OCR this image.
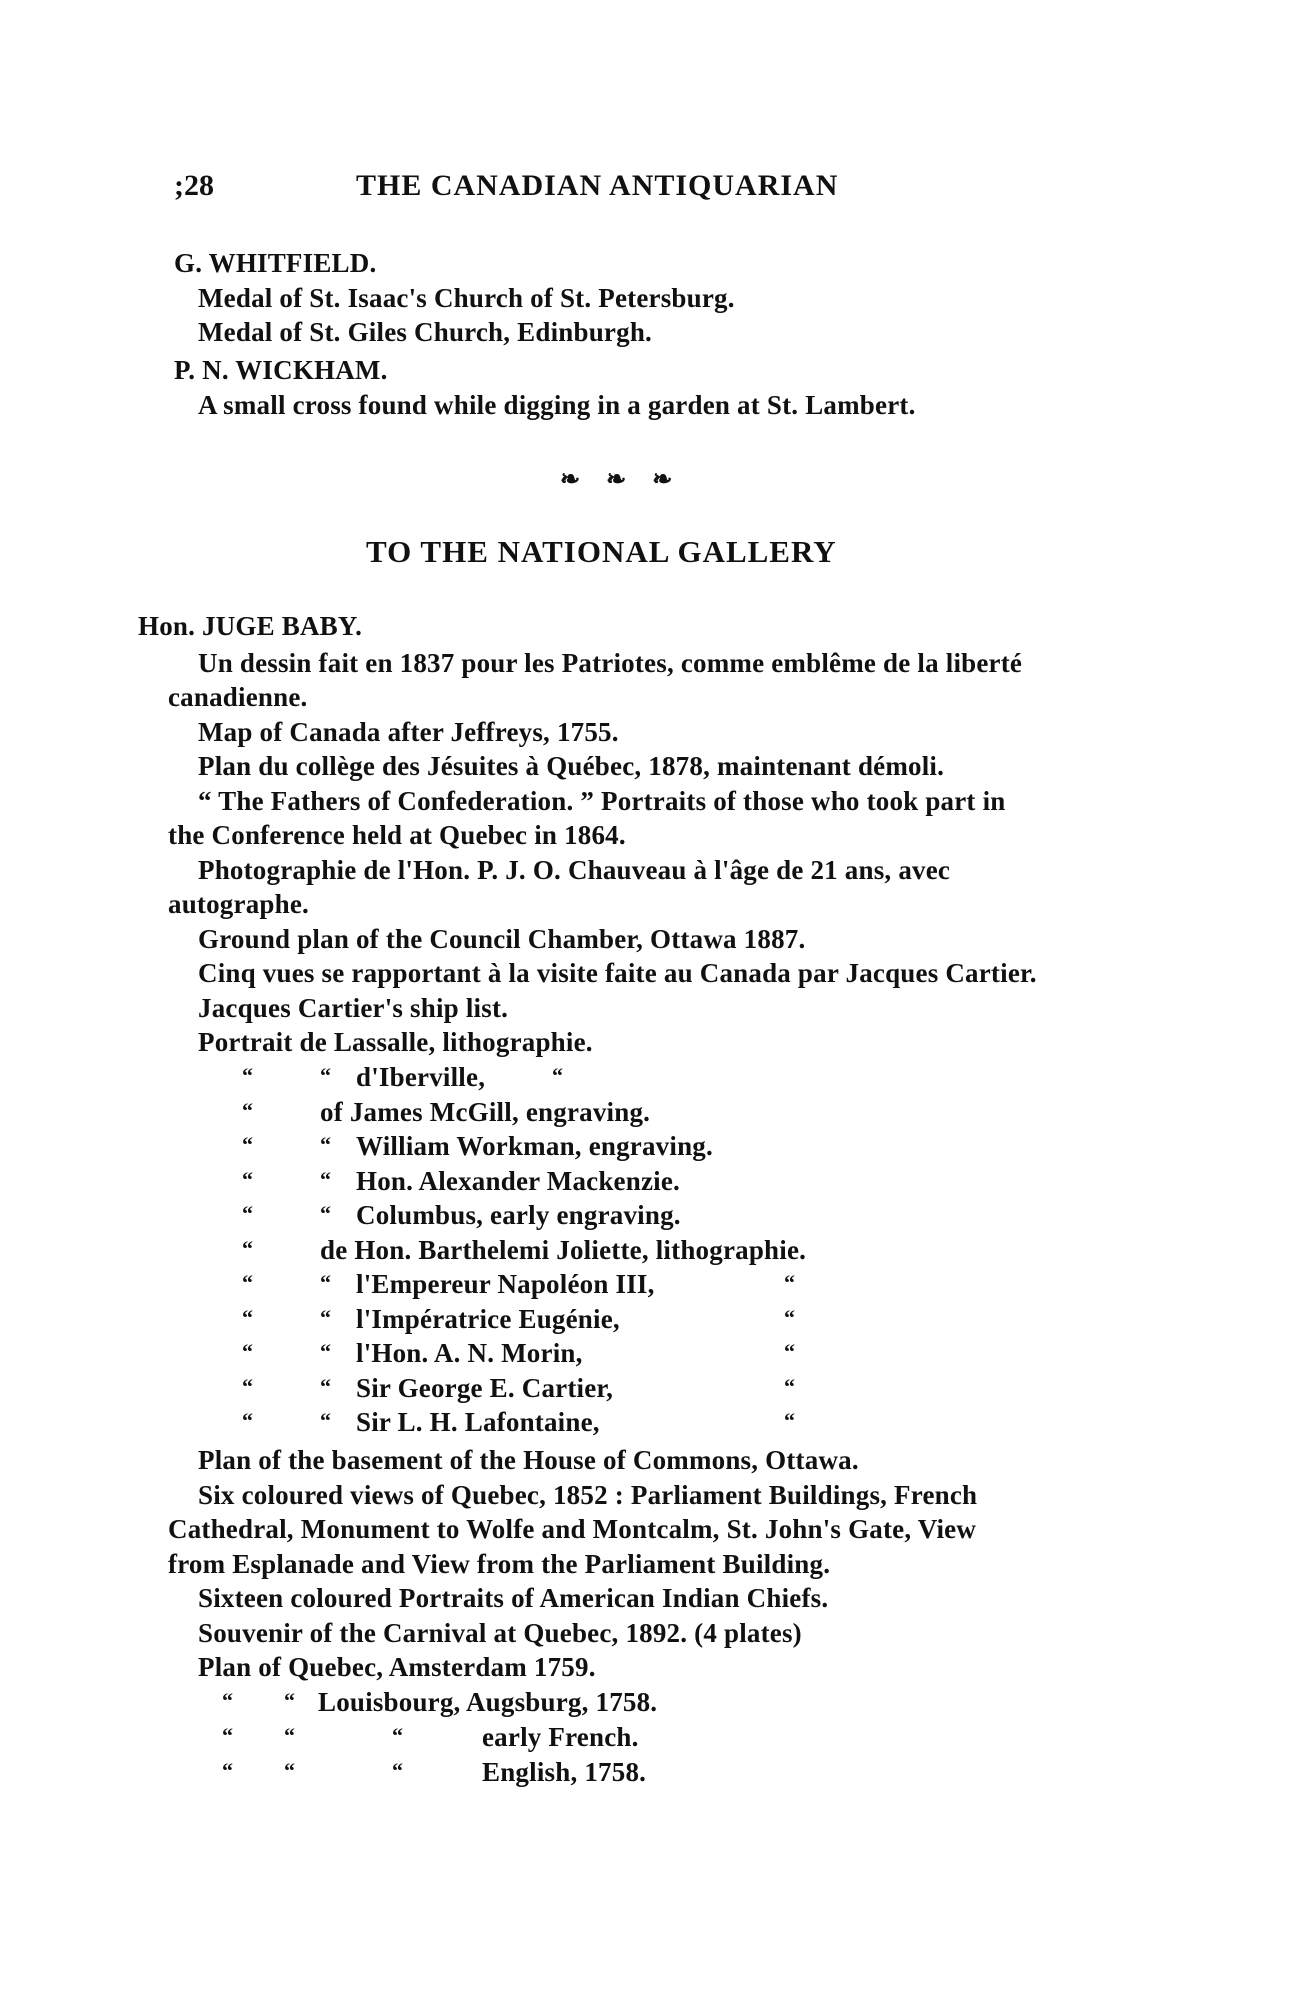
;28	THE CANADIAN ANTIQUARIAN
G. WHITFIELD.
Medal of St. Isaac's Church of St. Petersburg.
Medal of St. Giles Church, Edinburgh.
P. N. WICKHAM.
A small cross found while digging in a garden at St. Lambert.
❧ ❧ ❧
TO THE NATIONAL GALLERY
Hon. JUGE BABY.
Un dessin fait en 1837 pour les Patriotes, comme emblême de la liberté
canadienne.
Map of Canada after Jeffreys, 1755.
Plan du collège des Jésuites à Québec, 1878, maintenant démoli.
“ The Fathers of Confederation. ” Portraits of those who took part in
the Conference held at Quebec in 1864.
Photographie de l'Hon. P. J. O. Chauveau à l'âge de 21 ans, avec
autographe.
Ground plan of the Council Chamber, Ottawa 1887.
Cinq vues se rapportant à la visite faite au Canada par Jacques Cartier.
Jacques Cartier's ship list.
Portrait de Lassalle, lithographie.
“	“ d'Iberville,	“
“ of James McGill, engraving.
“	“ William Workman, engraving.
“	“ Hon. Alexander Mackenzie.
“	“ Columbus, early engraving.
“ de Hon. Barthelemi Joliette, lithographie.
“	“ l'Empereur Napoléon III,	“
“	“ l'Impératrice Eugénie,	“
“	“ l'Hon. A. N. Morin,	“
“	“ Sir George E. Cartier,	“
“	“ Sir L. H. Lafontaine,	“
Plan of the basement of the House of Commons, Ottawa.
Six coloured views of Quebec, 1852 : Parliament Buildings, French
Cathedral, Monument to Wolfe and Montcalm, St. John's Gate, View
from Esplanade and View from the Parliament Building.
Sixteen coloured Portraits of American Indian Chiefs.
Souvenir of the Carnival at Quebec, 1892. (4 plates)
Plan of Quebec, Amsterdam 1759.
“ “ Louisbourg, Augsburg, 1758.
“ “	“	early French.
“ “	“	English, 1758.
